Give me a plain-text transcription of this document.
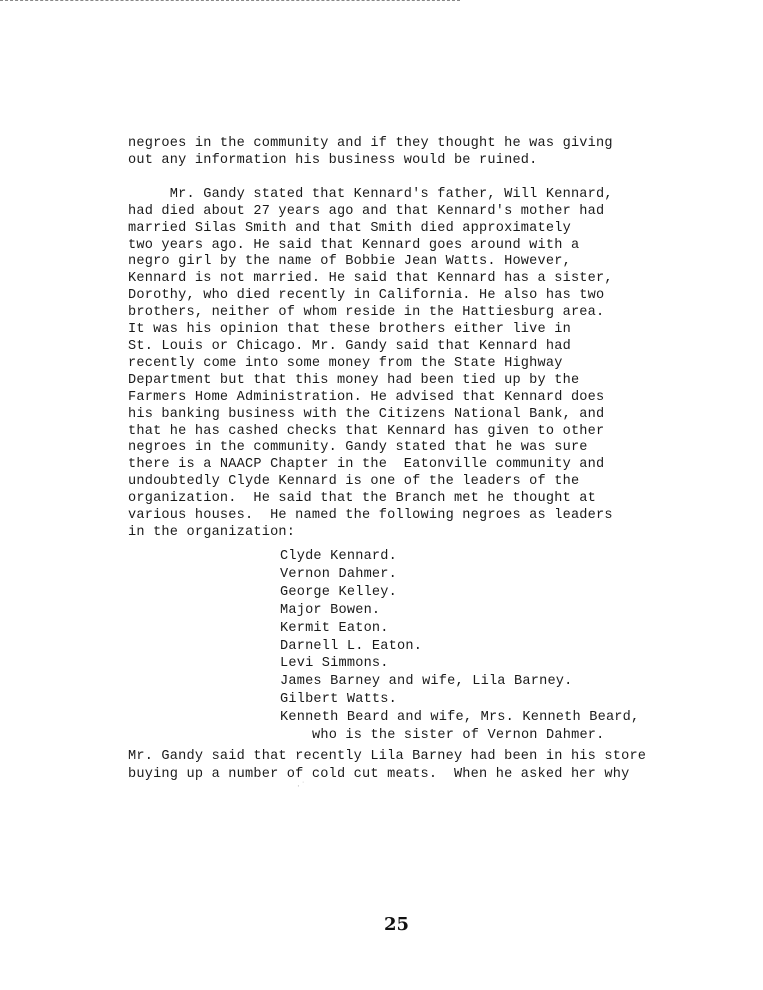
negroes in the community and if they thought he was giving
out any information his business would be ruined.
Mr. Gandy stated that Kennard's father, Will Kennard,
had died about 27 years ago and that Kennard's mother had
married Silas Smith and that Smith died approximately
two years ago. He said that Kennard goes around with a
negro girl by the name of Bobbie Jean Watts. However,
Kennard is not married. He said that Kennard has a sister,
Dorothy, who died recently in California. He also has two
brothers, neither of whom reside in the Hattiesburg area.
It was his opinion that these brothers either live in
St. Louis or Chicago. Mr. Gandy said that Kennard had
recently come into some money from the State Highway
Department but that this money had been tied up by the
Farmers Home Administration. He advised that Kennard does
his banking business with the Citizens National Bank, and
that he has cashed checks that Kennard has given to other
negroes in the community. Gandy stated that he was sure
there is a NAACP Chapter in the  Eatonville community and
undoubtedly Clyde Kennard is one of the leaders of the
organization.  He said that the Branch met he thought at
various houses.  He named the following negroes as leaders
in the organization:
Clyde Kennard.
Vernon Dahmer.
George Kelley.
Major Bowen.
Kermit Eaton.
Darnell L. Eaton.
Levi Simmons.
James Barney and wife, Lila Barney.
Gilbert Watts.
Kenneth Beard and wife, Mrs. Kenneth Beard,
who is the sister of Vernon Dahmer.
Mr. Gandy said that recently Lila Barney had been in his store
buying up a number of cold cut meats.  When he asked her why
·˙
25
